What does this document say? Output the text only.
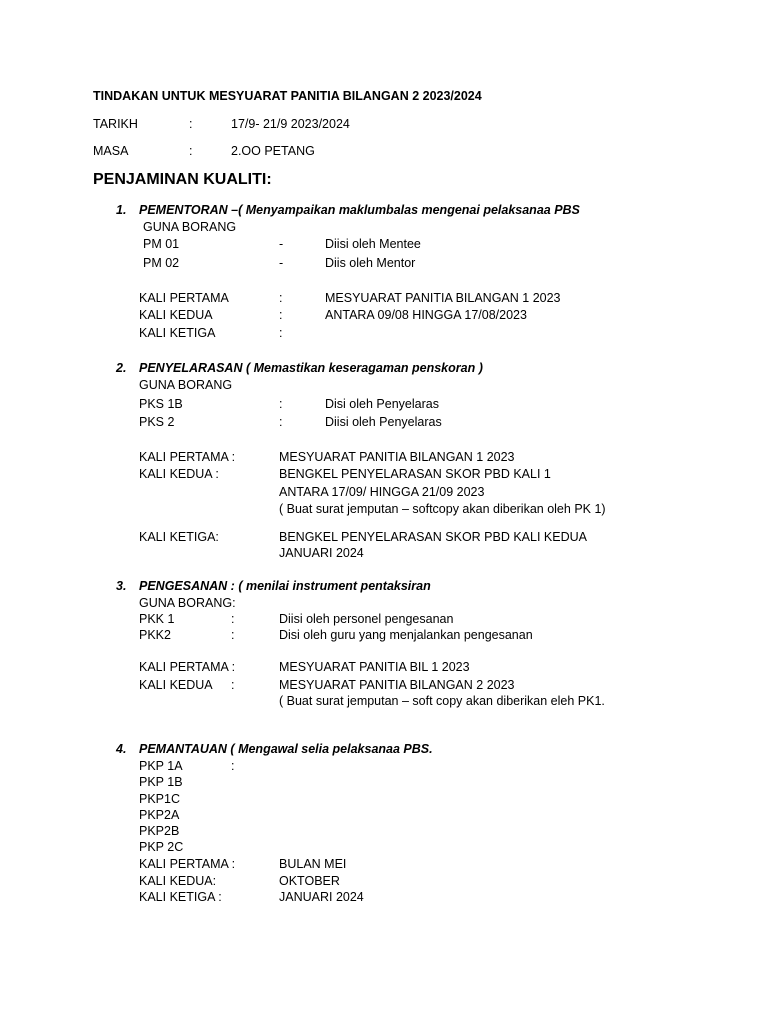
TINDAKAN UNTUK MESYUARAT PANITIA BILANGAN 2 2023/2024
TARIKH	:	17/9- 21/9 2023/2024
MASA	:	2.OO PETANG
PENJAMINAN KUALITI:
1. PEMENTORAN –( Menyampaikan maklumbalas mengenai pelaksanaa PBS
GUNA BORANG
PM 01	-	Diisi oleh Mentee
PM 02	-	Diis oleh Mentor
KALI PERTAMA	:	MESYUARAT PANITIA BILANGAN 1 2023
KALI KEDUA	:	ANTARA 09/08 HINGGA 17/08/2023
KALI KETIGA	:
2. PENYELARASAN ( Memastikan keseragaman penskoran )
GUNA BORANG
PKS 1B	:	Disi oleh Penyelaras
PKS 2	:	Diisi oleh Penyelaras
KALI PERTAMA :	MESYUARAT PANITIA BILANGAN 1 2023
KALI KEDUA :	BENGKEL PENYELARASAN SKOR PBD KALI 1
ANTARA 17/09/ HINGGA 21/09 2023
( Buat surat jemputan – softcopy akan diberikan oleh PK 1)
KALI KETIGA:	BENGKEL PENYELARASAN SKOR PBD KALI KEDUA
JANUARI 2024
3. PENGESANAN : ( menilai instrument pentaksiran
GUNA BORANG:
PKK 1	:	Diisi oleh personel pengesanan
PKK2	:	Disi oleh guru yang menjalankan pengesanan
KALI PERTAMA :	MESYUARAT PANITIA BIL 1 2023
KALI KEDUA :	MESYUARAT PANITIA BILANGAN 2 2023
( Buat surat jemputan – soft copy akan diberikan eleh PK1.
4. PEMANTAUAN ( Mengawal selia pelaksanaa PBS.
PKP 1A	:
PKP 1B
PKP1C
PKP2A
PKP2B
PKP 2C
KALI PERTAMA :	BULAN MEI
KALI KEDUA:	OKTOBER
KALI KETIGA :	JANUARI 2024
